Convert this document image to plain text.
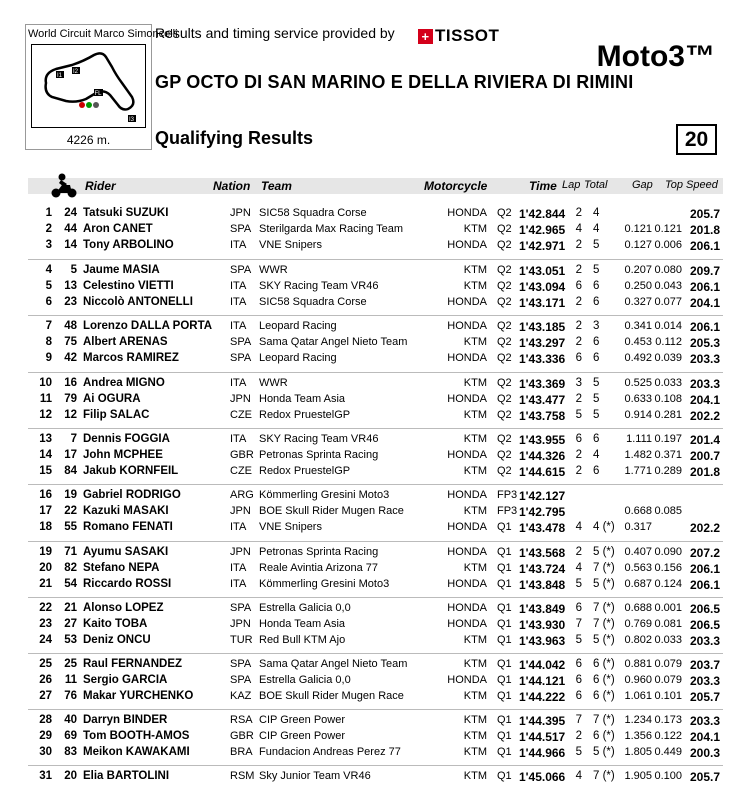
World Circuit Marco Simoncelli
I1
I2
I3
FL
4226 m.
Results and timing service provided by + TISSOT
Moto3™
GP OCTO DI SAN MARINO E DELLA RIVIERA DI RIMINI
Qualifying Results	20
Rider	Nation Team	Motorcycle	Time Lap Total Gap Top Speed
1 24 Tatsuki SUZUKI	JPN SIC58 Squadra Corse	HONDA Q2 1'42.844 2 4	205.7
2 44 Aron CANET	SPA Sterilgarda Max Racing Team	KTM Q2 1'42.965 4 4 0.121 0.121 201.8
3 14 Tony ARBOLINO	ITA VNE Snipers	HONDA Q2 1'42.971 2 5 0.127 0.006 206.1
4 5 Jaume MASIA	SPA WWR	KTM Q2 1'43.051 2 5 0.207 0.080 209.7
5 13 Celestino VIETTI	ITA SKY Racing Team VR46	KTM Q2 1'43.094 6 6 0.250 0.043 206.1
6 23 Niccolò ANTONELLI	ITA SIC58 Squadra Corse	HONDA Q2 1'43.171 2 6 0.327 0.077 204.1
7 48 Lorenzo DALLA PORTA ITA Leopard Racing	HONDA Q2 1'43.185 2 3 0.341 0.014 206.1
8 75 Albert ARENAS	SPA Sama Qatar Angel Nieto Team	KTM Q2 1'43.297 2 6 0.453 0.112 205.3
9 42 Marcos RAMIREZ	SPA Leopard Racing	HONDA Q2 1'43.336 6 6 0.492 0.039 203.3
10 16 Andrea MIGNO	ITA WWR	KTM Q2 1'43.369 3 5 0.525 0.033 203.3
11 79 Ai OGURA	JPN Honda Team Asia	HONDA Q2 1'43.477 2 5 0.633 0.108 204.1
12 12 Filip SALAC	CZE Redox PruestelGP	KTM Q2 1'43.758 5 5 0.914 0.281 202.2
13 7 Dennis FOGGIA	ITA SKY Racing Team VR46	KTM Q2 1'43.955 6 6 1.111 0.197 201.4
14 17 John MCPHEE	GBR Petronas Sprinta Racing	HONDA Q2 1'44.326 2 4 1.482 0.371 200.7
15 84 Jakub KORNFEIL	CZE Redox PruestelGP	KTM Q2 1'44.615 2 6 1.771 0.289 201.8
16 19 Gabriel RODRIGO	ARG Kömmerling Gresini Moto3	HONDA FP3 1'42.127
17 22 Kazuki MASAKI	JPN BOE Skull Rider Mugen Race	KTM FP3 1'42.795	0.668 0.085
18 55 Romano FENATI	ITA VNE Snipers	HONDA Q1 1'43.478 4 4 (*) 0.317	202.2
19 71 Ayumu SASAKI	JPN Petronas Sprinta Racing	HONDA Q1 1'43.568 2 5 (*) 0.407 0.090 207.2
20 82 Stefano NEPA	ITA Reale Avintia Arizona 77	KTM Q1 1'43.724 4 7 (*) 0.563 0.156 206.1
21 54 Riccardo ROSSI	ITA Kömmerling Gresini Moto3	HONDA Q1 1'43.848 5 5 (*) 0.687 0.124 206.1
22 21 Alonso LOPEZ	SPA Estrella Galicia 0,0	HONDA Q1 1'43.849 6 7 (*) 0.688 0.001 206.5
23 27 Kaito TOBA	JPN Honda Team Asia	HONDA Q1 1'43.930 7 7 (*) 0.769 0.081 206.5
24 53 Deniz ONCU	TUR Red Bull KTM Ajo	KTM Q1 1'43.963 5 5 (*) 0.802 0.033 203.3
25 25 Raul FERNANDEZ	SPA Sama Qatar Angel Nieto Team	KTM Q1 1'44.042 6 6 (*) 0.881 0.079 203.7
26 11 Sergio GARCIA	SPA Estrella Galicia 0,0	HONDA Q1 1'44.121 6 6 (*) 0.960 0.079 203.3
27 76 Makar YURCHENKO	KAZ BOE Skull Rider Mugen Race	KTM Q1 1'44.222 6 6 (*) 1.061 0.101 205.7
28 40 Darryn BINDER	RSA CIP Green Power	KTM Q1 1'44.395 7 7 (*) 1.234 0.173 203.3
29 69 Tom BOOTH-AMOS	GBR CIP Green Power	KTM Q1 1'44.517 2 6 (*) 1.356 0.122 204.1
30 83 Meikon KAWAKAMI	BRA Fundacion Andreas Perez 77	KTM Q1 1'44.966 5 5 (*) 1.805 0.449 200.3
31 20 Elia BARTOLINI	RSM Sky Junior Team VR46	KTM Q1 1'45.066 4 7 (*) 1.905 0.100 205.7
